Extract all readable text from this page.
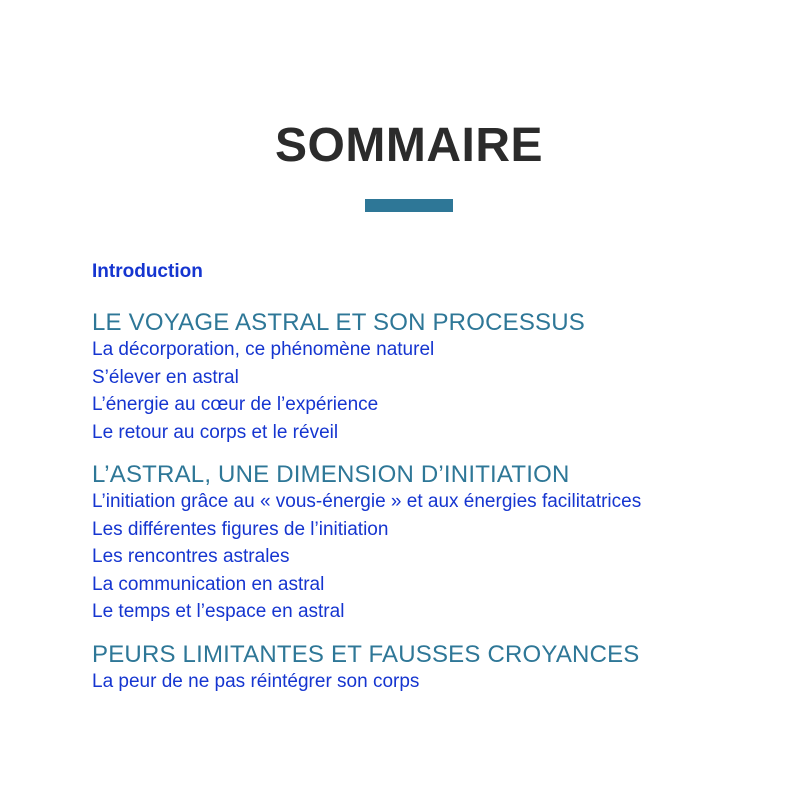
SOMMAIRE
Introduction
LE VOYAGE ASTRAL ET SON PROCESSUS
La décorporation, ce phénomène naturel
S’élever en astral
L’énergie au cœur de l’expérience
Le retour au corps et le réveil
L’ASTRAL, UNE DIMENSION D’INITIATION
L’initiation grâce au « vous-énergie » et aux énergies facilitatrices
Les différentes figures de l’initiation
Les rencontres astrales
La communication en astral
Le temps et l’espace en astral
PEURS LIMITANTES ET FAUSSES CROYANCES
La peur de ne pas réintégrer son corps
